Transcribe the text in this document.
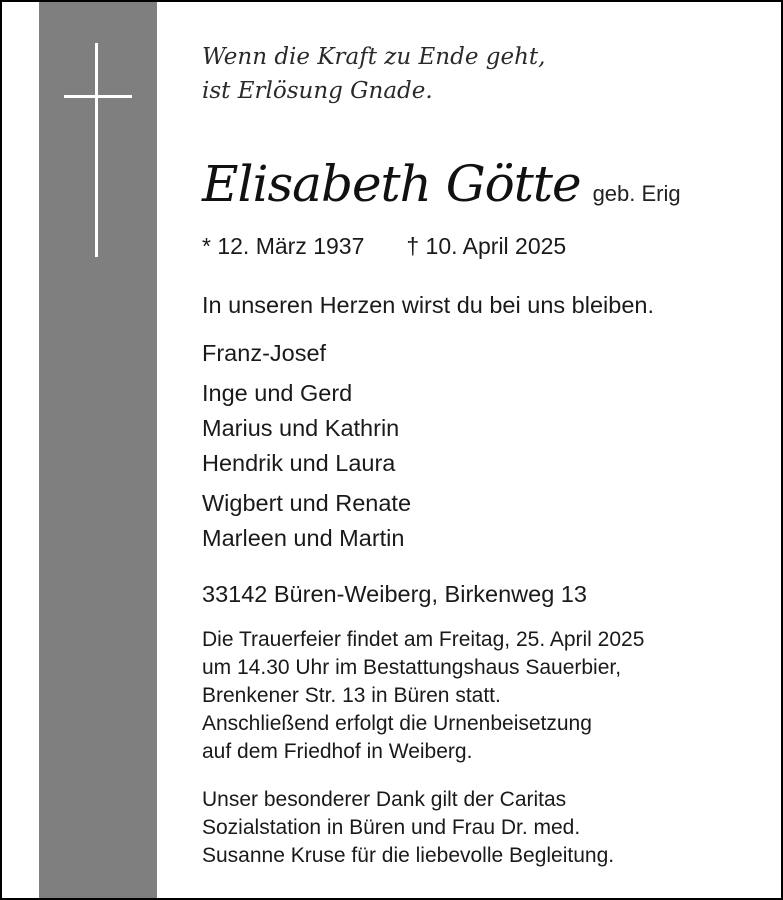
Wenn die Kraft zu Ende geht,
ist Erlösung Gnade.
Elisabeth Götte geb. Erig
* 12. März 1937 † 10. April 2025
In unseren Herzen wirst du bei uns bleiben.
Franz-Josef
Inge und Gerd
Marius und Kathrin
Hendrik und Laura
Wigbert und Renate
Marleen und Martin
33142 Büren-Weiberg, Birkenweg 13
Die Trauerfeier findet am Freitag, 25. April 2025
um 14.30 Uhr im Bestattungshaus Sauerbier,
Brenkener Str. 13 in Büren statt.
Anschließend erfolgt die Urnenbeisetzung
auf dem Friedhof in Weiberg.
Unser besonderer Dank gilt der Caritas
Sozialstation in Büren und Frau Dr. med.
Susanne Kruse für die liebevolle Begleitung.
